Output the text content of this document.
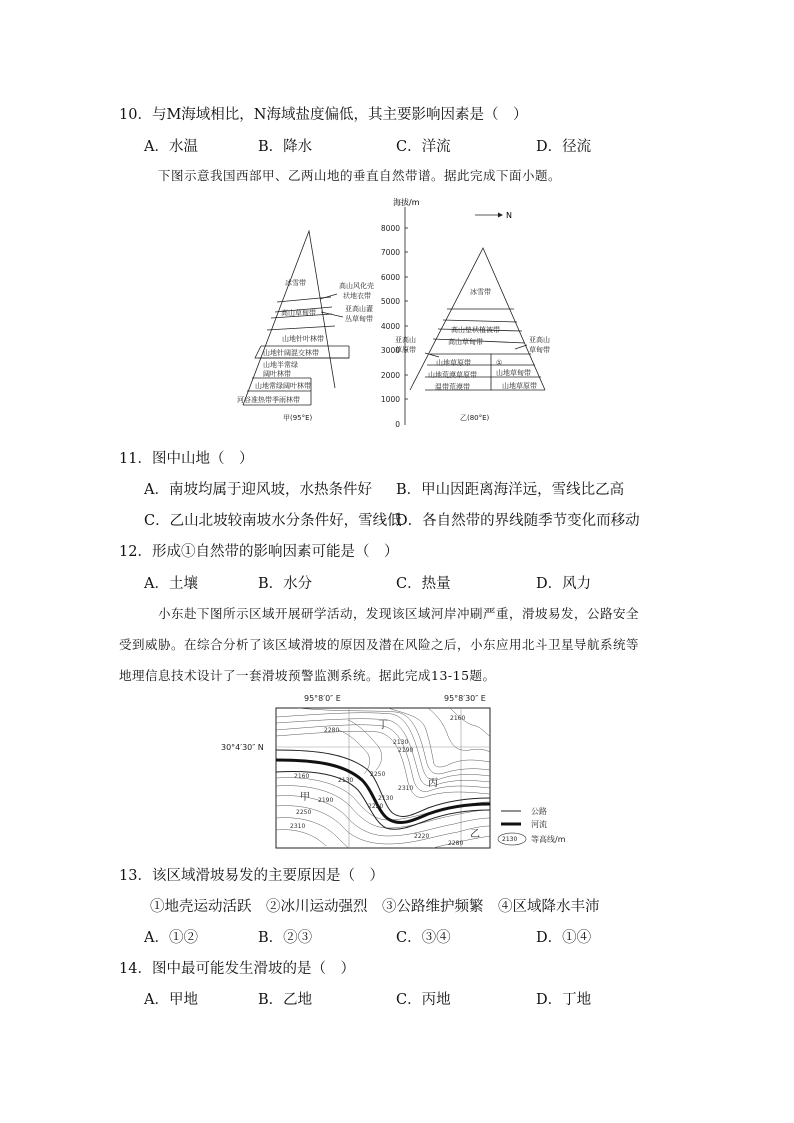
10．与M海域相比，N海域盐度偏低，其主要影响因素是（　）
A．水温	B．降水	C．洋流	D．径流
下图示意我国西部甲、乙两山地的垂直自然带谱。据此完成下面小题。
海拔/m
8000
7000
6000
5000
4000
3000
2000
1000
0
N
冰雪带	高山风化壳
状地衣带
亚高山灌
丛草甸带
高山草甸带
山地针叶林带
山地针阔混交林带
山地半常绿
阔叶林带
山地常绿阔叶林带
河谷准热带季雨林带
甲(95°E)
冰雪带
高山垫状植被带
高山草甸带
亚高山
草原带
亚高山
草甸带
山地草原带	①
山地荒漠草原带	山地草甸带
温带荒漠带	山地草原带
乙(80°E)
11．图中山地（　）
A．南坡均属于迎风坡，水热条件好 B．甲山因距离海洋远，雪线比乙高
C．乙山北坡较南坡水分条件好，雪线低
D．各自然带的界线随季节变化而移动
12．形成①自然带的影响因素可能是（　）
A．土壤	B．水分	C．热量	D．风力
小东赴下图所示区域开展研学活动，发现该区域河岸冲刷严重，滑坡易发，公路安全
受到威胁。在综合分析了该区域滑坡的原因及潜在风险之后，小东应用北斗卫星导航系统等
地理信息技术设计了一套滑坡预警监测系统。据此完成13-15题。
95°8′0″ E	95°8′30″ E
30°4′30″ N
丁
丙
甲
乙
2160
2130
2190
2250
2280
2310
2220
2160
2130
2190
2250
2310
2220
2280
2130
公路
河流
2130 等高线/m
13．该区域滑坡易发的主要原因是（　）
①地壳运动活跃　②冰川运动强烈　③公路维护频繁　④区域降水丰沛
A．①②	B．②③	C．③④	D．①④
14．图中最可能发生滑坡的是（　）
A．甲地	B．乙地	C．丙地	D．丁地
